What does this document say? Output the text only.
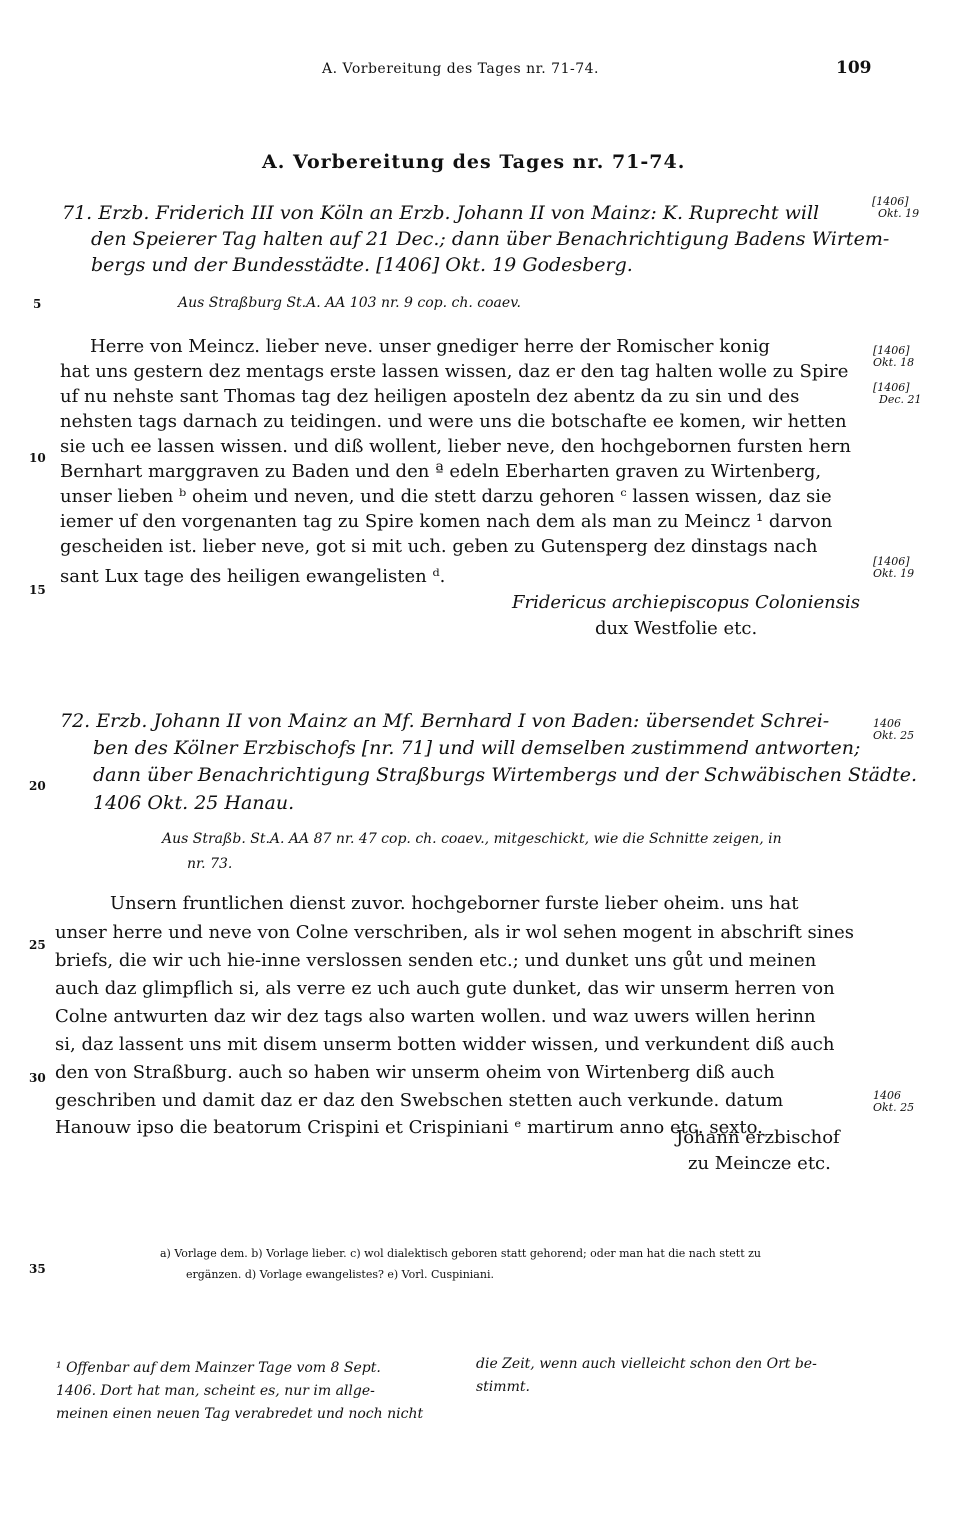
A. Vorbereitung des Tages nr. 71-74.	109
A. Vorbereitung des Tages nr. 71-74.
71. Erzb. Friderich III von Köln an Erzb. Johann II von Mainz: K. Ruprecht will
den Speierer Tag halten auf 21 Dec.; dann über Benachrichtigung Badens Wirtem-
bergs und der Bundesstädte. [1406] Okt. 19 Godesberg.
Aus Straßburg St.A. AA 103 nr. 9 cop. ch. coaev.
Herre von Meincz. lieber neve. unser gnediger herre der Romischer konig
hat uns gestern dez mentags erste lassen wissen, daz er den tag halten wolle zu Spire
uf nu nehste sant Thomas tag dez heiligen aposteln dez abentz da zu sin und des
nehsten tags darnach zu teidingen. und were uns die botschafte ee komen, wir hetten
sie uch ee lassen wissen. und diß wollent, lieber neve, den hochgebornen fursten hern
Bernhart marggraven zu Baden und den ª edeln Eberharten graven zu Wirtenberg,
unser lieben ᵇ oheim und neven, und die stett darzu gehoren ᶜ lassen wissen, daz sie
iemer uf den vorgenanten tag zu Spire komen nach dem als man zu Meincz ¹ darvon
gescheiden ist. lieber neve, got si mit uch. geben zu Gutensperg dez dinstags nach
sant Lux tage des heiligen ewangelisten ᵈ.
Fridericus archiepiscopus Coloniensis
dux Westfolie etc.
[1406]
Okt. 19
[1406]
Okt. 18
[1406]
Dec. 21
[1406]
Okt. 19
5
10
15
20
25
30
35
72. Erzb. Johann II von Mainz an Mf. Bernhard I von Baden: übersendet Schrei-
ben des Kölner Erzbischofs [nr. 71] und will demselben zustimmend antworten;
dann über Benachrichtigung Straßburgs Wirtembergs und der Schwäbischen Städte.
1406 Okt. 25 Hanau.
Aus Straßb. St.A. AA 87 nr. 47 cop. ch. coaev., mitgeschickt, wie die Schnitte zeigen, in
nr. 73.
Unsern fruntlichen dienst zuvor. hochgeborner furste lieber oheim. uns hat
unser herre und neve von Colne verschriben, als ir wol sehen mogent in abschrift sines
briefs, die wir uch hie-inne verslossen senden etc.; und dunket uns gůt und meinen
auch daz glimpflich si, als verre ez uch auch gute dunket, das wir unserm herren von
Colne antwurten daz wir dez tags also warten wollen. und waz uwers willen herinn
si, daz lassent uns mit disem unserm botten widder wissen, und verkundent diß auch
den von Straßburg. auch so haben wir unserm oheim von Wirtenberg diß auch
geschriben und damit daz er daz den Swebschen stetten auch verkunde. datum
Hanouw ipso die beatorum Crispini et Crispiniani ᵉ martirum anno etc. sexto.
Johann erzbischof
zu Meincze etc.
1406
Okt. 25
1406
Okt. 25
a) Vorlage dem. b) Vorlage lieber. c) wol dialektisch geboren statt gehorend; oder man hat die nach stett zu
ergänzen. d) Vorlage ewangelistes? e) Vorl. Cuspiniani.
¹ Offenbar auf dem Mainzer Tage vom 8 Sept.
1406. Dort hat man, scheint es, nur im allge-
meinen einen neuen Tag verabredet und noch nicht
die Zeit, wenn auch vielleicht schon den Ort be-
stimmt.
